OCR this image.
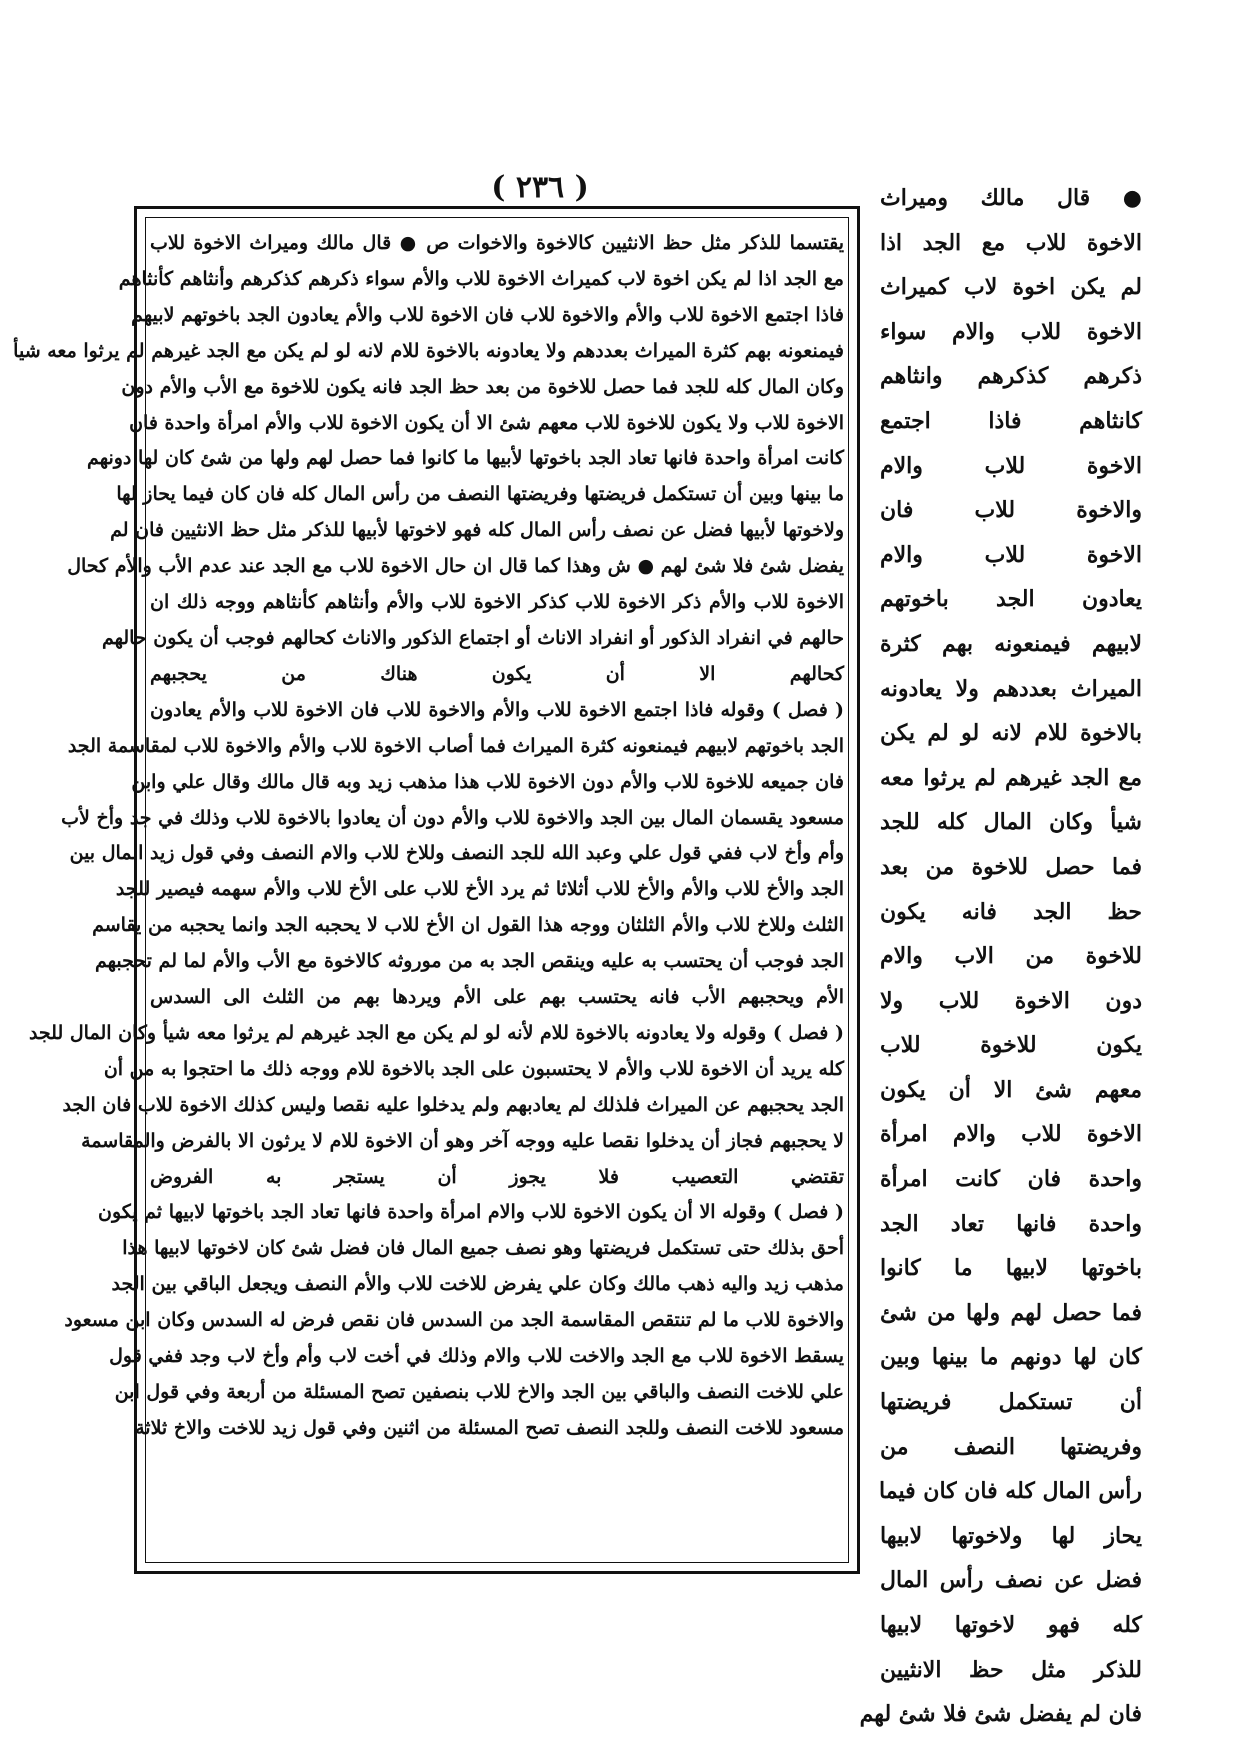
( ٢٣٦ )	● قال مالك وميراث
الاخوة للاب مع الجد اذا
لم يكن اخوة لاب كميراث
الاخوة للاب والام سواء
ذكرهم كذكرهم وانثاهم
كانثاهم فاذا اجتمع
الاخوة للاب والام
والاخوة للاب فان
الاخوة للاب والام
يعادون الجد باخوتهم
لابيهم فيمنعونه بهم كثرة
الميراث بعددهم ولا يعادونه
بالاخوة للام لانه لو لم يكن
مع الجد غيرهم لم يرثوا معه
شيأ وكان المال كله للجد
فما حصل للاخوة من بعد
حظ الجد فانه يكون
للاخوة من الاب والام
دون الاخوة للاب ولا
يكون للاخوة للاب
معهم شئ الا أن يكون
الاخوة للاب والام امرأة
واحدة فان كانت امرأة
واحدة فانها تعاد الجد
باخوتها لابيها ما كانوا
فما حصل لهم ولها من شئ
كان لها دونهم ما بينها وبين
أن تستكمل فريضتها
وفريضتها النصف من
رأس المال كله فان كان فيما
يحاز لها ولاخوتها لابيها
فضل عن نصف رأس المال
كله فهو لاخوتها لابيها
للذكر مثل حظ الانثيين
فان لم يفضل شئ فلا شئ لهم
يقتسما للذكر مثل حظ الانثيين كالاخوة والاخوات ص ● قال مالك وميراث الاخوة للاب
مع الجد اذا لم يكن اخوة لاب كميراث الاخوة للاب والأم سواء ذكرهم كذكرهم وأنثاهم كأنثاهم
فاذا اجتمع الاخوة للاب والأم والاخوة للاب فان الاخوة للاب والأم يعادون الجد باخوتهم لابيهم
فيمنعونه بهم كثرة الميراث بعددهم ولا يعادونه بالاخوة للام لانه لو لم يكن مع الجد غيرهم لم يرثوا معه شيأ
وكان المال كله للجد فما حصل للاخوة من بعد حظ الجد فانه يكون للاخوة مع الأب والأم دون
الاخوة للاب ولا يكون للاخوة للاب معهم شئ الا أن يكون الاخوة للاب والأم امرأة واحدة فان
كانت امرأة واحدة فانها تعاد الجد باخوتها لأبيها ما كانوا فما حصل لهم ولها من شئ كان لها دونهم
ما بينها وبين أن تستكمل فريضتها وفريضتها النصف من رأس المال كله فان كان فيما يحاز لها
ولاخوتها لأبيها فضل عن نصف رأس المال كله فهو لاخوتها لأبيها للذكر مثل حظ الانثيين فان لم
يفضل شئ فلا شئ لهم ● ش وهذا كما قال ان حال الاخوة للاب مع الجد عند عدم الأب والأم كحال
الاخوة للاب والأم ذكر الاخوة للاب كذكر الاخوة للاب والأم وأنثاهم كأنثاهم ووجه ذلك ان
حالهم في انفراد الذكور أو انفراد الاناث أو اجتماع الذكور والاناث كحالهم فوجب أن يكون حالهم
كحالهم الا أن يكون هناك من يحجبهم
( فصل ) وقوله فاذا اجتمع الاخوة للاب والأم والاخوة للاب فان الاخوة للاب والأم يعادون
الجد باخوتهم لابيهم فيمنعونه كثرة الميراث فما أصاب الاخوة للاب والأم والاخوة للاب لمقاسمة الجد
فان جميعه للاخوة للاب والأم دون الاخوة للاب هذا مذهب زيد وبه قال مالك وقال علي وابن
مسعود يقسمان المال بين الجد والاخوة للاب والأم دون أن يعادوا بالاخوة للاب وذلك في جد وأخ لأب
وأم وأخ لاب ففي قول علي وعبد الله للجد النصف وللاخ للاب والام النصف وفي قول زيد المال بين
الجد والأخ للاب والأم والأخ للاب أثلاثا ثم يرد الأخ للاب على الأخ للاب والأم سهمه فيصير للجد
الثلث وللاخ للاب والأم الثلثان ووجه هذا القول ان الأخ للاب لا يحجبه الجد وانما يحجبه من يقاسم
الجد فوجب أن يحتسب به عليه وينقص الجد به من موروثه كالاخوة مع الأب والأم لما لم تحجبهم
الأم ويحجبهم الأب فانه يحتسب بهم على الأم ويردها بهم من الثلث الى السدس
( فصل ) وقوله ولا يعادونه بالاخوة للام لأنه لو لم يكن مع الجد غيرهم لم يرثوا معه شيأ وكان المال للجد
كله يريد أن الاخوة للاب والأم لا يحتسبون على الجد بالاخوة للام ووجه ذلك ما احتجوا به من أن
الجد يحجبهم عن الميراث فلذلك لم يعادبهم ولم يدخلوا عليه نقصا وليس كذلك الاخوة للاب فان الجد
لا يحجبهم فجاز أن يدخلوا نقصا عليه ووجه آخر وهو أن الاخوة للام لا يرثون الا بالفرض والمقاسمة
تقتضي التعصيب فلا يجوز أن يستجر به الفروض
( فصل ) وقوله الا أن يكون الاخوة للاب والام امرأة واحدة فانها تعاد الجد باخوتها لابيها ثم يكون
أحق بذلك حتى تستكمل فريضتها وهو نصف جميع المال فان فضل شئ كان لاخوتها لابيها هذا
مذهب زيد واليه ذهب مالك وكان علي يفرض للاخت للاب والأم النصف ويجعل الباقي بين الجد
والاخوة للاب ما لم تنتقص المقاسمة الجد من السدس فان نقص فرض له السدس وكان ابن مسعود
يسقط الاخوة للاب مع الجد والاخت للاب والام وذلك في أخت لاب وأم وأخ لاب وجد ففي قول
علي للاخت النصف والباقي بين الجد والاخ للاب بنصفين تصح المسئلة من أربعة وفي قول ابن
مسعود للاخت النصف وللجد النصف تصح المسئلة من اثنين وفي قول زيد للاخت والاخ ثلاثة
